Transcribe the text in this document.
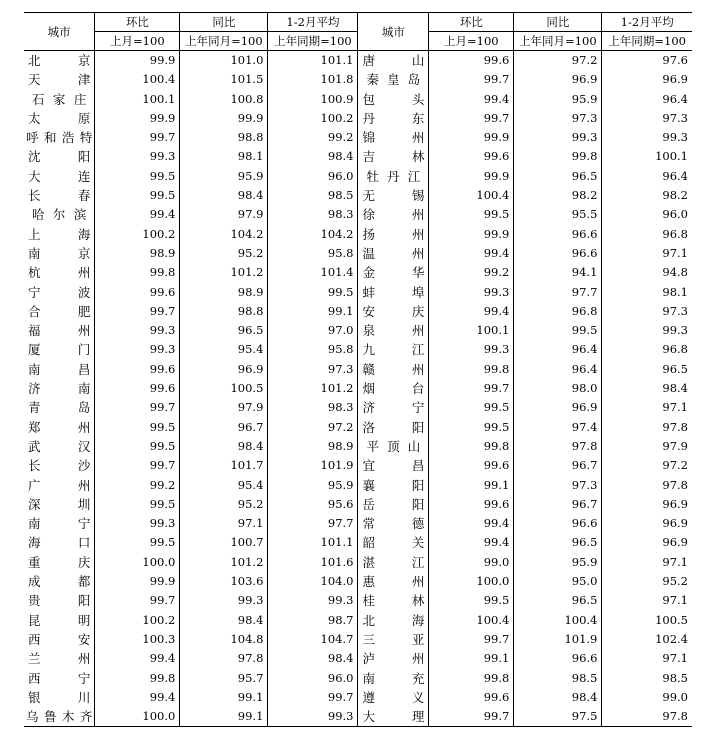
城市	环比	同比	1-2月平均	城市	环比	同比	1-2月平均
	上月=100	上年同月=100	上年同期=100		上月=100	上年同月=100	上年同期=100

北 京	99.9	101.0	101.1	唐 山	99.6	97.2	97.6

天 津	100.4	101.5	101.8	秦 皇 岛	99.7	96.9	96.9

石 家 庄	100.1	100.8	100.9	包 头	99.4	95.9	96.4

太 原	99.9	99.9	100.2	丹 东	99.7	97.3	97.3

呼 和 浩 特	99.7	98.8	99.2	锦 州	99.9	99.3	99.3

沈 阳	99.3	98.1	98.4	吉 林	99.6	99.8	100.1

大 连	99.5	95.9	96.0	牡 丹 江	99.9	96.5	96.4

长 春	99.5	98.4	98.5	无 锡	100.4	98.2	98.2

哈 尔 滨	99.4	97.9	98.3	徐 州	99.5	95.5	96.0

上 海	100.2	104.2	104.2	扬 州	99.9	96.6	96.8

南 京	98.9	95.2	95.8	温 州	99.4	96.6	97.1

杭 州	99.8	101.2	101.4	金 华	99.2	94.1	94.8

宁 波	99.6	98.9	99.5	蚌 埠	99.3	97.7	98.1

合 肥	99.7	98.8	99.1	安 庆	99.4	96.8	97.3

福 州	99.3	96.5	97.0	泉 州	100.1	99.5	99.3

厦 门	99.3	95.4	95.8	九 江	99.3	96.4	96.8

南 昌	99.6	96.9	97.3	赣 州	99.8	96.4	96.5

济 南	99.6	100.5	101.2	烟 台	99.7	98.0	98.4

青 岛	99.7	97.9	98.3	济 宁	99.5	96.9	97.1

郑 州	99.5	96.7	97.2	洛 阳	99.5	97.4	97.8

武 汉	99.5	98.4	98.9	平 顶 山	99.8	97.8	97.9

长 沙	99.7	101.7	101.9	宜 昌	99.6	96.7	97.2

广 州	99.2	95.4	95.9	襄 阳	99.1	97.3	97.8

深 圳	99.5	95.2	95.6	岳 阳	99.6	96.7	96.9

南 宁	99.3	97.1	97.7	常 德	99.4	96.6	96.9

海 口	99.5	100.7	101.1	韶 关	99.4	96.5	96.9

重 庆	100.0	101.2	101.6	湛 江	99.0	95.9	97.1

成 都	99.9	103.6	104.0	惠 州	100.0	95.0	95.2

贵 阳	99.7	99.3	99.3	桂 林	99.5	96.5	97.1

昆 明	100.2	98.4	98.7	北 海	100.4	100.4	100.5

西 安	100.3	104.8	104.7	三 亚	99.7	101.9	102.4

兰 州	99.4	97.8	98.4	泸 州	99.1	96.6	97.1

西 宁	99.8	95.7	96.0	南 充	99.8	98.5	98.5

银 川	99.4	99.1	99.7	遵 义	99.6	98.4	99.0

乌 鲁 木 齐	100.0	99.1	99.3	大 理	99.7	97.5	97.8
